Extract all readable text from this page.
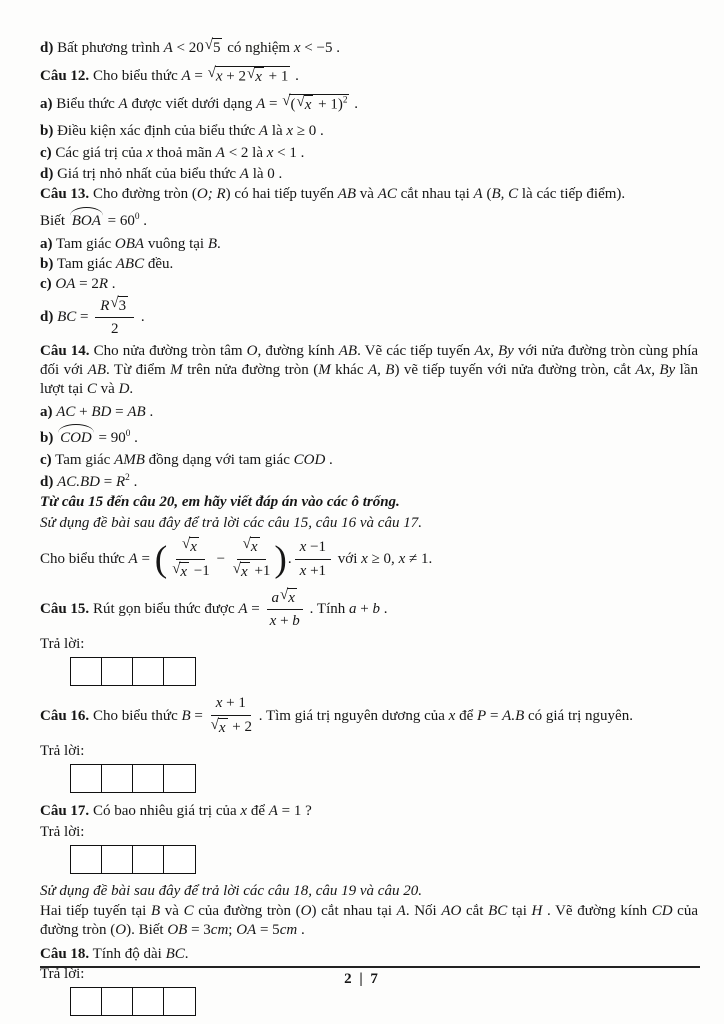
d) Bất phương trình A < 20 √ 5 có nghiệm x < −5 .
Câu 12. Cho biểu thức A = √ x + 2 √ x + 1 .
a) Biểu thức A được viết dưới dạng A = √ ( √ x + 1)$^2$ .
b) Điều kiện xác định của biểu thức A là x ≥ 0 .
c) Các giá trị của x thoả mãn A < 2 là x < 1 .
d) Giá trị nhỏ nhất của biểu thức A là 0 .
Câu 13. Cho đường tròn (O; R) có hai tiếp tuyến AB và AC cắt nhau tại A (B, C là các tiếp điểm).
Biết BOA = $60^0$ .
a) Tam giác OBA vuông tại B.
b) Tam giác ABC đều.
c) OA = 2R .
d)
BC = $\frac{R √ 3}{2}$ .
Câu 14. Cho nửa đường tròn tâm O, đường kính AB. Vẽ các tiếp tuyến Ax, By với nửa đường tròn cùng phía đối với AB. Từ điểm M trên nửa đường tròn (M khác A, B) vẽ tiếp tuyến với nửa đường tròn, cắt Ax, By lần lượt tại C và D.
a) AC + BD = AB .
b) COD = $90^0$ .
c) Tam giác AMB đồng dạng với tam giác COD .
d) $AC.BD = R^2$ .
Từ câu 15 đến câu 20, em hãy viết đáp án vào các ô trống.
Sử dụng đề bài sau đây để trả lời các câu 15, câu 16 và câu 17.
Cho biểu thức A = ( $\frac{√ x}{√ x -1} - \frac{√ x}{√ x +1}$ ) . $\frac{x -1}{x +1}$ với x ≥ 0, x ≠ 1.
Câu 15. Rút gọn biểu thức được $A = \frac{a √ x}{x + b}$ . Tính a + b .
Trả lời:
Câu 16. Cho biểu thức $B = \frac{x + 1}{√ x + 2}$ . Tìm giá trị nguyên dương của x để P = A.B có giá trị nguyên.
Trả lời:
Câu 17. Có bao nhiêu giá trị của x để A = 1 ?
Trả lời:
Sử dụng đề bài sau đây để trả lời các câu 18, câu 19 và câu 20.
Hai tiếp tuyến tại B và C của đường tròn (O) cắt nhau tại A. Nối AO cắt BC tại H . Vẽ đường kính CD của đường tròn (O). Biết OB = 3cm; OA = 5cm .
Câu 18. Tính độ dài BC.
Trả lời:	2 | 7
